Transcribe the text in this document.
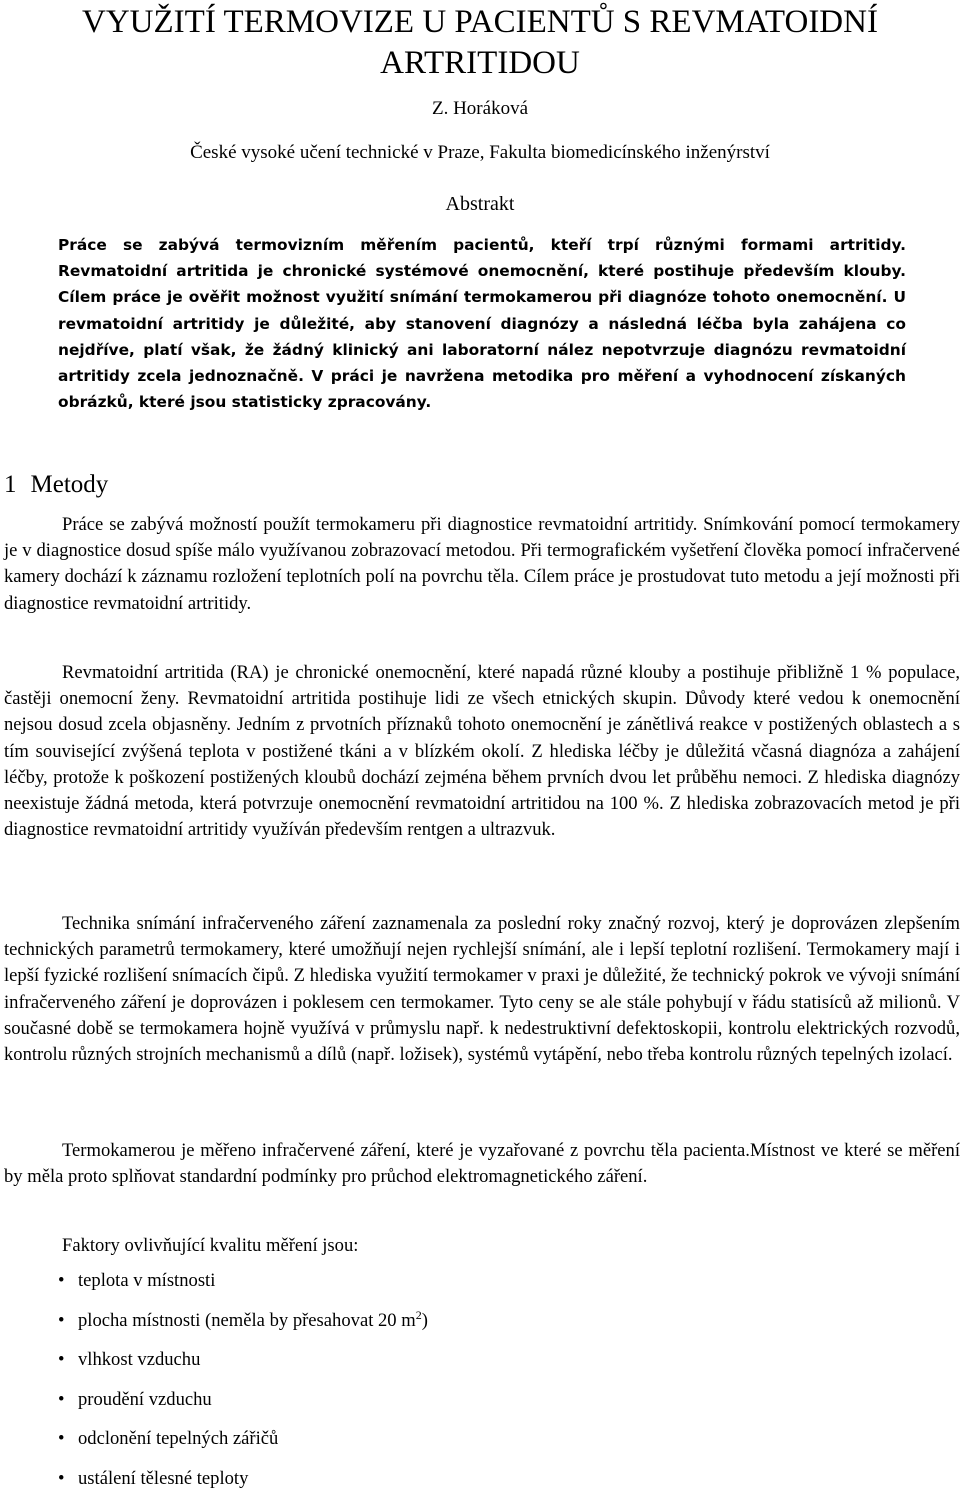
VYUŽITÍ TERMOVIZE U PACIENTŮ S REVMATOIDNÍ ARTRITIDOU
Z. Horáková
České vysoké učení technické v Praze, Fakulta biomedicínského inženýrství
Abstrakt

Práce se zabývá termovizním měřením pacientů, kteří trpí různými formami artritidy. Revmatoidní artritida je chronické systémové onemocnění, které postihuje především klouby. Cílem práce je ověřit možnost využití snímání termokamerou při diagnóze tohoto onemocnění. U revmatoidní artritidy je důležité, aby stanovení diagnózy a následná léčba byla zahájena co nejdříve, platí však, že žádný klinický ani laboratorní nález nepotvrzuje diagnózu revmatoidní artritidy zcela jednoznačně. V práci je navržena metodika pro měření a vyhodnocení získaných obrázků, které jsou statisticky zpracovány.

1 Metody

Práce se zabývá možností použít termokameru při diagnostice revmatoidní artritidy. Snímkování pomocí termokamery je v diagnostice dosud spíše málo využívanou zobrazovací metodou. Při termografickém vyšetření člověka pomocí infračervené kamery dochází k záznamu rozložení teplotních polí na povrchu těla. Cílem práce je prostudovat tuto metodu a její možnosti při diagnostice revmatoidní artritidy.

Revmatoidní artritida (RA) je chronické onemocnění, které napadá různé klouby a postihuje přibližně 1 % populace, častěji onemocní ženy. Revmatoidní artritida postihuje lidi ze všech etnických skupin. Důvody které vedou k onemocnění nejsou dosud zcela objasněny. Jedním z prvotních příznaků tohoto onemocnění je zánětlivá reakce v postižených oblastech a s tím související zvýšená teplota v postižené tkáni a v blízkém okolí. Z hlediska léčby je důležitá včasná diagnóza a zahájení léčby, protože k poškození postižených kloubů dochází zejména během prvních dvou let průběhu nemoci. Z hlediska diagnózy neexistuje žádná metoda, která potvrzuje onemocnění revmatoidní artritidou na 100 %. Z hlediska zobrazovacích metod je při diagnostice revmatoidní artritidy využíván především rentgen a ultrazvuk.

Technika snímání infračerveného záření zaznamenala za poslední roky značný rozvoj, který je doprovázen zlepšením technických parametrů termokamery, které umožňují nejen rychlejší snímání, ale i lepší teplotní rozlišení. Termokamery mají i lepší fyzické rozlišení snímacích čipů. Z hlediska využití termokamer v praxi je důležité, že technický pokrok ve vývoji snímání infračerveného záření je doprovázen i poklesem cen termokamer. Tyto ceny se ale stále pohybují v řádu statisíců až milionů. V současné době se termokamera hojně využívá v průmyslu např. k nedestruktivní defektoskopii, kontrolu elektrických rozvodů, kontrolu různých strojních mechanismů a dílů (např. ložisek), systémů vytápění, nebo třeba kontrolu různých tepelných izolací.

Termokamerou je měřeno infračervené záření, které je vyzařované z povrchu těla pacienta.Místnost ve které se měření by měla proto splňovat standardní podmínky pro průchod elektromagnetického záření.

Faktory ovlivňující kvalitu měření jsou:

• teplota v místnosti
• plocha místnosti (neměla by přesahovat 20 $m^2$)
• vlhkost vzduchu
• proudění vzduchu
• odclonění tepelných zářičů
• ustálení tělesné teploty
